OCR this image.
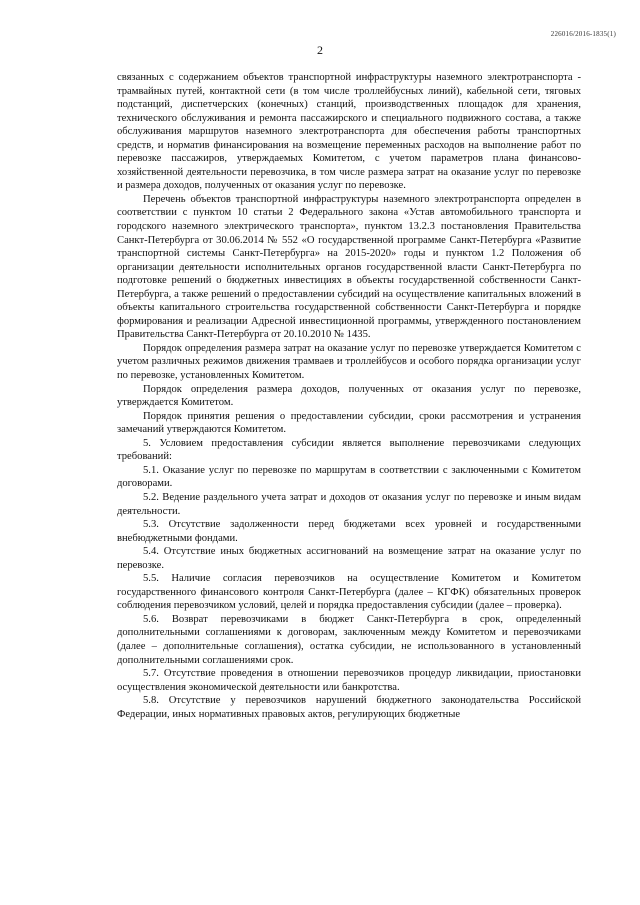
226016/2016-1835(1)
2

связанных с содержанием объектов транспортной инфраструктуры наземного электротранспорта - трамвайных путей, контактной сети (в том числе троллейбусных линий), кабельной сети, тяговых подстанций, диспетчерских (конечных) станций, производственных площадок для хранения, технического обслуживания и ремонта пассажирского и специального подвижного состава, а также обслуживания маршрутов наземного электротранспорта для обеспечения работы транспортных средств, и норматив финансирования на возмещение переменных расходов на выполнение работ по перевозке пассажиров, утверждаемых Комитетом, с учетом параметров плана финансово-хозяйственной деятельности перевозчика, в том числе размера затрат на оказание услуг по перевозке и размера доходов, полученных от оказания услуг по перевозке.

Перечень объектов транспортной инфраструктуры наземного электротранспорта определен в соответствии с пунктом 10 статьи 2 Федерального закона «Устав автомобильного транспорта и городского наземного электрического транспорта», пунктом 13.2.3 постановления Правительства Санкт-Петербурга от 30.06.2014 № 552 «О государственной программе Санкт-Петербурга «Развитие транспортной системы Санкт-Петербурга» на 2015-2020» годы и пунктом 1.2 Положения об организации деятельности исполнительных органов государственной власти Санкт-Петербурга по подготовке решений о бюджетных инвестициях в объекты государственной собственности Санкт-Петербурга, а также решений о предоставлении субсидий на осуществление капитальных вложений в объекты капитального строительства государственной собственности Санкт-Петербурга и порядке формирования и реализации Адресной инвестиционной программы, утвержденного постановлением Правительства Санкт-Петербурга от 20.10.2010 № 1435.

Порядок определения размера затрат на оказание услуг по перевозке утверждается Комитетом с учетом различных режимов движения трамваев и троллейбусов и особого порядка организации услуг по перевозке, установленных Комитетом.

Порядок определения размера доходов, полученных от оказания услуг по перевозке, утверждается Комитетом.

Порядок принятия решения о предоставлении субсидии, сроки рассмотрения и устранения замечаний утверждаются Комитетом.

5. Условием предоставления субсидии является выполнение перевозчиками следующих требований:

5.1. Оказание услуг по перевозке по маршрутам в соответствии с заключенными с Комитетом договорами.

5.2. Ведение раздельного учета затрат и доходов от оказания услуг по перевозке и иным видам деятельности.

5.3. Отсутствие задолженности перед бюджетами всех уровней и государственными внебюджетными фондами.

5.4. Отсутствие иных бюджетных ассигнований на возмещение затрат на оказание услуг по перевозке.

5.5. Наличие согласия перевозчиков на осуществление Комитетом и Комитетом государственного финансового контроля Санкт-Петербурга (далее – КГФК) обязательных проверок соблюдения перевозчиком условий, целей и порядка предоставления субсидии (далее – проверка).

5.6. Возврат перевозчиками в бюджет Санкт-Петербурга в срок, определенный дополнительными соглашениями к договорам, заключенным между Комитетом и перевозчиками (далее – дополнительные соглашения), остатка субсидии, не использованного в установленный дополнительными соглашениями срок.

5.7. Отсутствие проведения в отношении перевозчиков процедур ликвидации, приостановки осуществления экономической деятельности или банкротства.

5.8. Отсутствие у перевозчиков нарушений бюджетного законодательства Российской Федерации, иных нормативных правовых актов, регулирующих бюджетные
